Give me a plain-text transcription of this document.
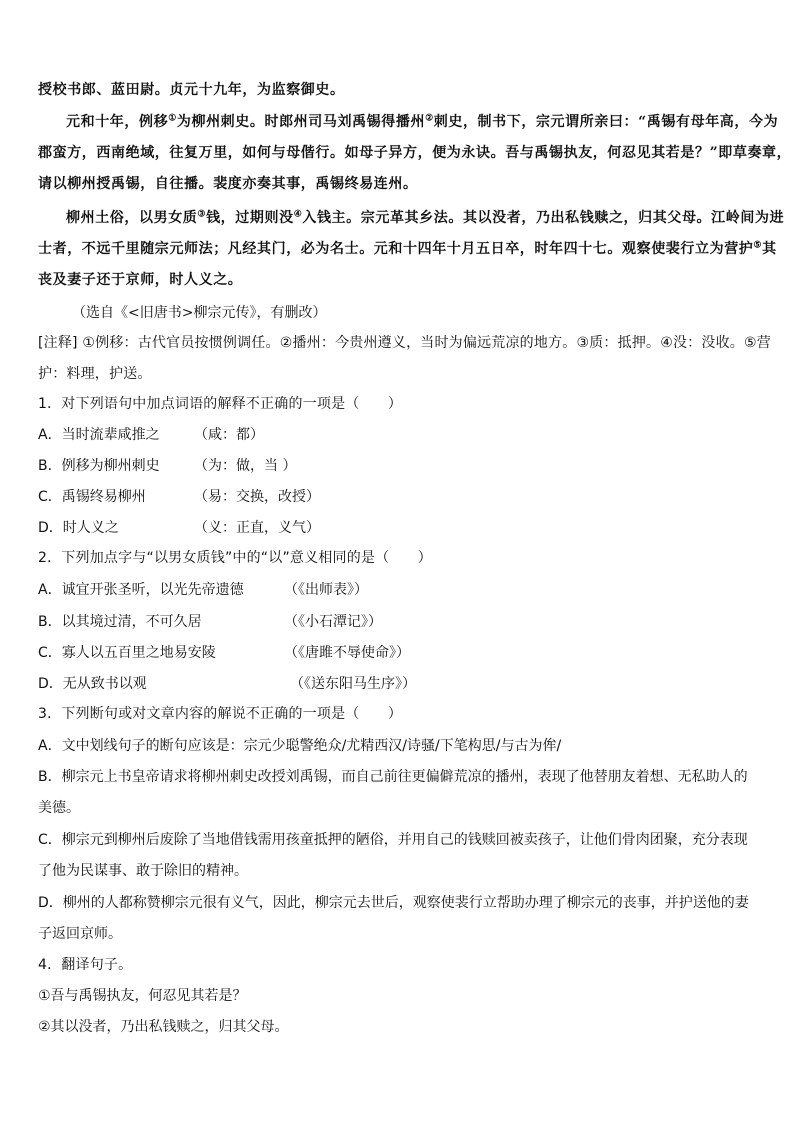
授校书郎、蓝田尉。贞元十九年，为监察御史。
元和十年，例移①为柳州刺史。时郎州司马刘禹锡得播州②刺史，制书下，宗元谓所亲曰：“禹锡有母年高，今为
郡蛮方，西南绝域，往复万里，如何与母偕行。如母子异方，便为永诀。吾与禹锡执友，何忍见其若是？”即草奏章，
请以柳州授禹锡，自往播。裴度亦奏其事，禹锡终易连州。
柳州土俗，以男女质③钱，过期则没④入钱主。宗元革其乡法。其以没者，乃出私钱赎之，归其父母。江岭间为进
士者，不远千里随宗元师法；凡经其门，必为名士。元和十四年十月五日卒，时年四十七。观察使裴行立为营护⑤其
丧及妻子还于京师，时人义之。
（选自《<旧唐书>柳宗元传》，有删改）
[注释] ①例移：古代官员按惯例调任。②播州：今贵州遵义，当时为偏远荒凉的地方。③质：抵押。④没：没收。⑤营
护：料理，护送。
1．对下列语句中加点词语的解释不正确的一项是（　　）
A．当时流辈咸推之 （咸：都）
B．例移为柳州刺史 （为：做，当 ）
C．禹锡终易柳州	（易：交换，改授）
D．时人义之	（义：正直，义气）
2．下列加点字与“以男女质钱”中的“以”意义相同的是（　　）
A．诚宜开张圣听，以光先帝遗德	（《出师表》）
B．以其境过清，不可久居	（《小石潭记》）
C．寡人以五百里之地易安陵	（《唐雎不辱使命》）
D．无从致书以观	（《送东阳马生序》）
3．下列断句或对文章内容的解说不正确的一项是（　　）
A．文中划线句子的断句应该是：宗元少聪警绝众/尤精西汉/诗骚/下笔构思/与古为侔/
B．柳宗元上书皇帝请求将柳州刺史改授刘禹锡，而自己前往更偏僻荒凉的播州，表现了他替朋友着想、无私助人的
美德。
C．柳宗元到柳州后废除了当地借钱需用孩童抵押的陋俗，并用自己的钱赎回被卖孩子，让他们骨肉团聚，充分表现
了他为民谋事、敢于除旧的精神。
D．柳州的人都称赞柳宗元很有义气，因此，柳宗元去世后，观察使裴行立帮助办理了柳宗元的丧事，并护送他的妻
子返回京师。
4．翻译句子。
①吾与禹锡执友，何忍见其若是？
②其以没者，乃出私钱赎之，归其父母。
